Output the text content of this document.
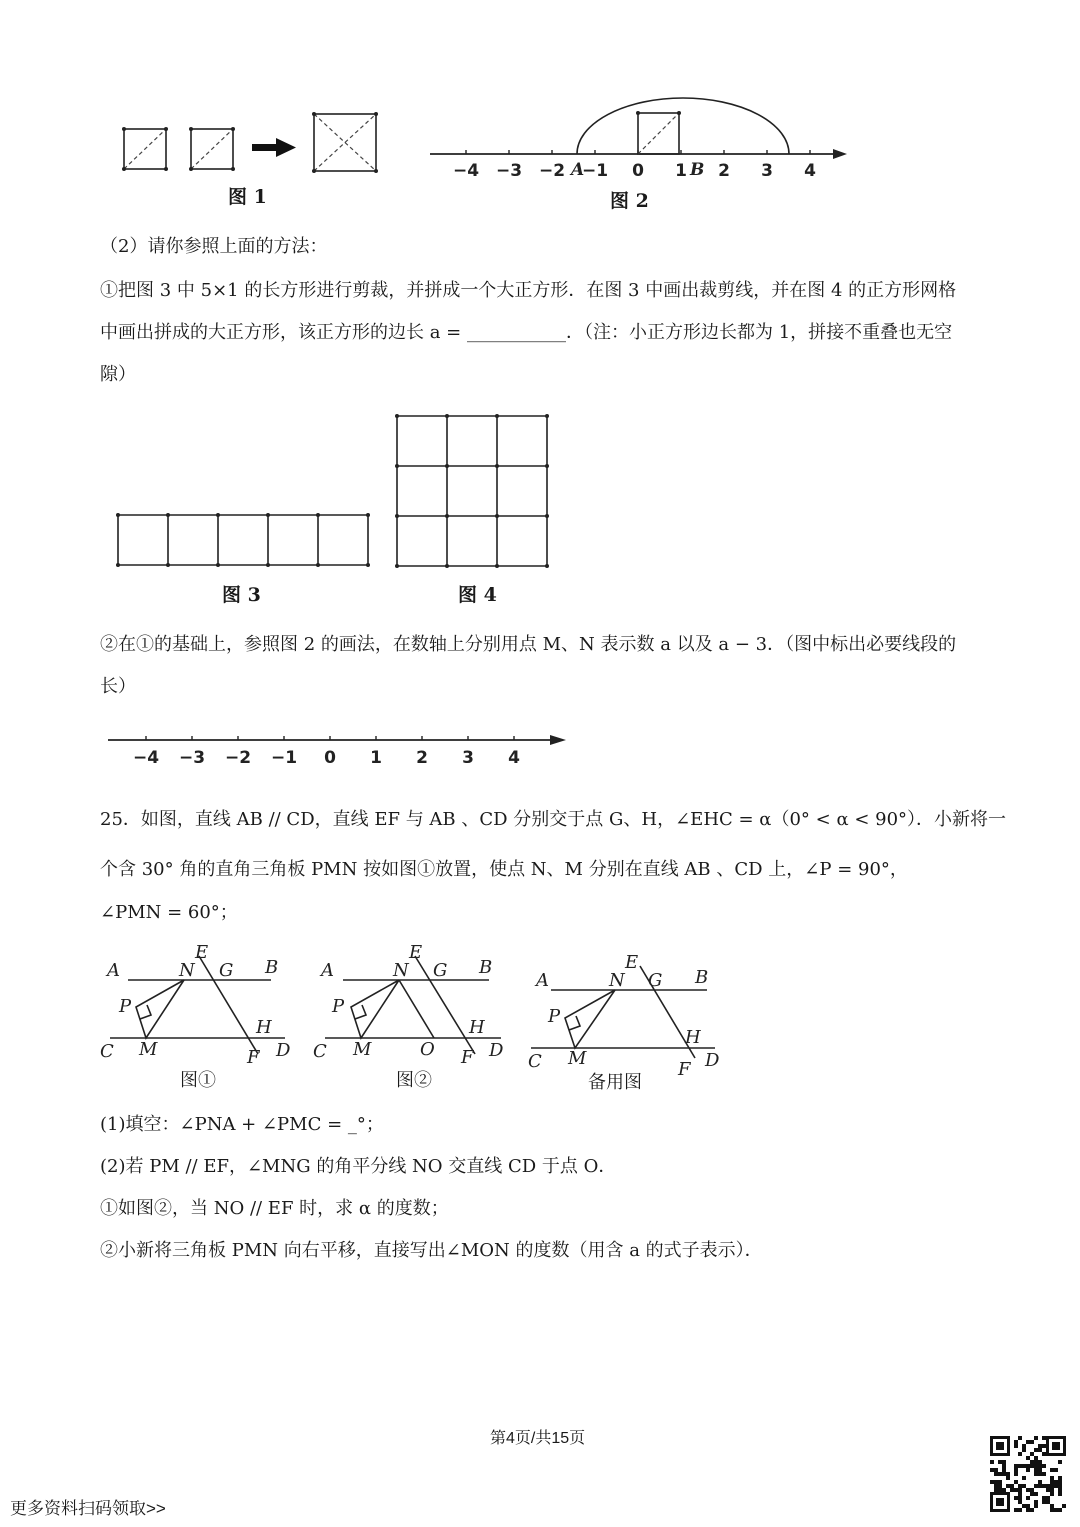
图 1
−4 −3 −2 −1 0 1 2 3 4
A	B
图 2
（2）请你参照上面的方法：
①把图 3 中 5×1 的长方形进行剪裁，并拼成一个大正方形．在图 3 中画出裁剪线，并在图 4 的正方形网格
中画出拼成的大正方形，该正方形的边长 a = ___________．（注：小正方形边长都为 1，拼接不重叠也无空
隙）
图 3	图 4
②在①的基础上，参照图 2 的画法，在数轴上分别用点 M、N 表示数 a 以及 a − 3．（图中标出必要线段的
长）
−4 −3 −2 −1 0 1 2 3 4
25．如图，直线 AB // CD，直线 EF 与 AB 、CD 分别交于点 G、H，∠EHC = α（0° < α < 90°）．小新将一
个含 30° 角的直角三角板 PMN 按如图①放置，使点 N、M 分别在直线 AB 、CD 上，∠P = 90°，
∠PMN = 60°；
A	N
E
G B
P
H
C M	F D
A	N
E
G B
P
H
C M	O F D
A	N
E
G B
P
H
C M
F D
图①	图②	备用图
(1)填空：∠PNA + ∠PMC = _°；
(2)若 PM // EF，∠MNG 的角平分线 NO 交直线 CD 于点 O．
①如图②，当 NO // EF 时，求 α 的度数；
②小新将三角板 PMN 向右平移，直接写出∠MON 的度数（用含 a 的式子表示）．
第4页/共15页
更多资料扫码领取>>
